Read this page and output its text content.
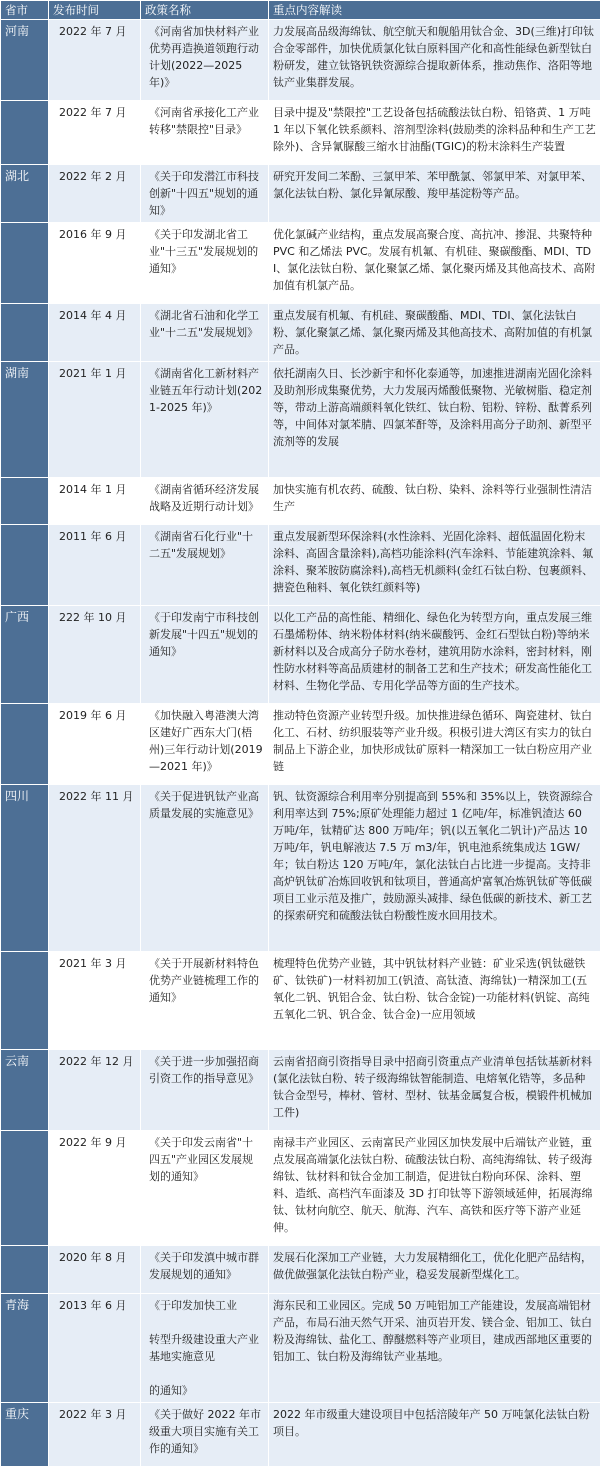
省市	发布时间	政策名称	重点内容解读
河南	2022 年 7 月	《河南省加快材料产业优势再造换道领跑行动计划(2022—2025 年)》	力发展高品级海绵钛、航空航天和舰船用钛合金、3D(三维)打印钛合金零部件，加快优质氯化钛白原料国产化和高性能绿色新型钛白粉研发，建立钛铬钒铁资源综合提取新体系，推动焦作、洛阳等地钛产业集群发展。
	2022 年 7 月	《河南省承接化工产业转移"禁限控"目录》	目录中提及"禁限控"工艺设备包括硫酸法钛白粉、铅铬黄、1 万吨 1 年以下氧化铁系颜料、溶剂型涂料(鼓励类的涂料品种和生产工艺除外)、含异氰脲酸三缩水甘油酯(TGIC)的粉末涂料生产装置
湖北	2022 年 2 月	《关于印发潜江市科技创新"十四五"规划的通知》	研究开发间二苯酚、三氯甲苯、苯甲酰氯、邻氯甲苯、对氯甲苯、氯化法钛白粉、氯化异氰尿酸、羧甲基淀粉等产品。
	2016 年 9 月	《关于印发湖北省工业"十三五"发展规划的通知》	优化氯碱产业结构，重点发展高聚合度、高抗冲、掺混、共聚特种 PVC 和乙烯法 PVC。发展有机氟、有机硅、聚碳酸酯、MDI、TDI、氯化法钛白粉、氯化聚氯乙烯、氯化聚丙烯及其他高技术、高附加值有机氯产品。
	2014 年 4 月	《湖北省石油和化学工业"十二五"发展规划》	重点发展有机氟、有机硅、聚碳酸酯、MDI、TDI、氯化法钛白粉、氯化聚氯乙烯、氯化聚丙烯及其他高技术、高附加值的有机氯产品。
湖南	2021 年 1 月	《湖南省化工新材料产业链五年行动计划(2021-2025 年)》	依托湖南久日、长沙新宇和怀化泰通等，加速推进湖南光固化涂料及助剂形成集聚优势，大力发展丙烯酸低聚物、光敏树脂、稳定剂等，带动上游高端颜料氧化铁红、钛白粉、铝粉、锌粉、酞菁系列等，中间体对氯苯腈、四氯苯酐等，及涂料用高分子助剂、新型平流剂等的发展
	2014 年 1 月	《湖南省循环经济发展战略及近期行动计划》	加快实施有机农药、硫酸、钛白粉、染料、涂料等行业强制性清洁生产
	2011 年 6 月	《湖南省石化行业"十二五"发展规划》	重点发展新型环保涂料(水性涂料、光固化涂料、超低温固化粉末涂料、高固含量涂料),高档功能涂料(汽车涂料、节能建筑涂料、氟涂料、聚苯胺防腐涂料),高档无机颜料(金红石钛白粉、包裹颜料、搪瓷色釉料、氧化铁红颜料等)
广西	222 年 10 月	《于印发南宁市科技创新发展"十四五"规划的通知》	以化工产品的高性能、精细化、绿色化为转型方向，重点发展三维石墨烯粉体、纳米粉体材料(纳米碳酸钙、金红石型钛白粉)等纳米新材料以及合成高分子防水卷材，建筑用防水涂料，密封材料，刚性防水材料等高品质建材的制备工艺和生产技术；研发高性能化工材料、生物化学品、专用化学品等方面的生产技术。
	2019 年 6 月	《加快融入粤港澳大湾区建好广西东大门(梧州)三年行动计划(2019—2021 年)》	推动特色资源产业转型升级。加快推进绿色循环、陶瓷建材、钛白化工、石材、纺织服装等产业升级。积极引进大湾区有实力的钛白制品上下游企业，加快形成钛矿原料一精深加工一钛白粉应用产业链
四川	2022 年 11 月	《关于促进钒钛产业高质量发展的实施意见》	钒、钛资源综合利用率分别提高到 55%和 35%以上，铁资源综合利用率达到 75%;原矿处理能力超过 1 亿吨/年，标准钒渣达 60 万吨/年，钛精矿达 800 万吨/年；钒(以五氧化二钒计)产品达 10 万吨/年，钒电解液达 7.5 万 m3/年，钒电池系统集成达 1GW/年；钛白粉达 120 万吨/年，氯化法钛白占比进一步提高。支持非高炉钒钛矿冶炼回收钒和钛项目，普通高炉富氧冶炼钒钛矿等低碳项目工业示范及推广，鼓励源头减排、绿色低碳的新技术、新工艺的探索研究和硫酸法钛白粉酸性废水回用技术。
	2021 年 3 月	《关于开展新材料特色优势产业链梳理工作的通知》	梳理特色优势产业链，其中钒钛材料产业链：矿业采选(钒钛磁铁矿、钛铁矿)一材料初加工(钒渣、高钛渣、海绵钛)一精深加工(五氧化二钒、钒铝合金、钛白粉、钛合金锭)一功能材料(钒锭、高纯五氧化二钒、钒合金、钛合金)一应用领域
云南	2022 年 12 月	《关于进一步加强招商引资工作的指导意见》	云南省招商引资指导目录中招商引资重点产业清单包括钛基新材料(氯化法钛白粉、转子级海绵钛智能制造、电熔氧化锆等，多品种钛合金型号，棒材、管材、型材、钛基金属复合板，模锻件机械加工件)
	2022 年 9 月	《关于印发云南省"十四五"产业园区发展规划的通知》	南禄丰产业园区、云南富民产业园区加快发展中后端钛产业链，重点发展高端氯化法钛白粉、硫酸法钛白粉、高纯海绵钛、转子级海绵钛、钛材料和钛合金加工制造，促进钛白粉向环保、涂料、塑料、造纸、高档汽车面漆及 3D 打印钛等下游领域延伸，拓展海绵钛、钛材向航空、航天、航海、汽车、高铁和医疗等下游产业延伸。
	2020 年 8 月	《关于印发滇中城市群发展规划的通知》	发展石化深加工产业链，大力发展精细化工，优化化肥产品结构，做优做强氯化法钛白粉产业，稳妥发展新型煤化工。
青海	2013 年 6 月	《于印发加快工业

转型升级建设重大产业基地实施意见

的通知》	海东民和工业园区。完成 50 万吨铝加工产能建设，发展高端铝材产品，布局石油天然气开采、油页岩开发、镁合金、铝加工、钛白粉及海绵钛、盐化工、醇醚燃料等产业项目，建成西部地区重要的铝加工、钛白粉及海绵钛产业基地。
重庆	2022 年 3 月	《关于做好 2022 年市级重大项目实施有关工作的通知》	2022 年市级重大建设项目中包括涪陵年产 50 万吨氯化法钛白粉项目。
